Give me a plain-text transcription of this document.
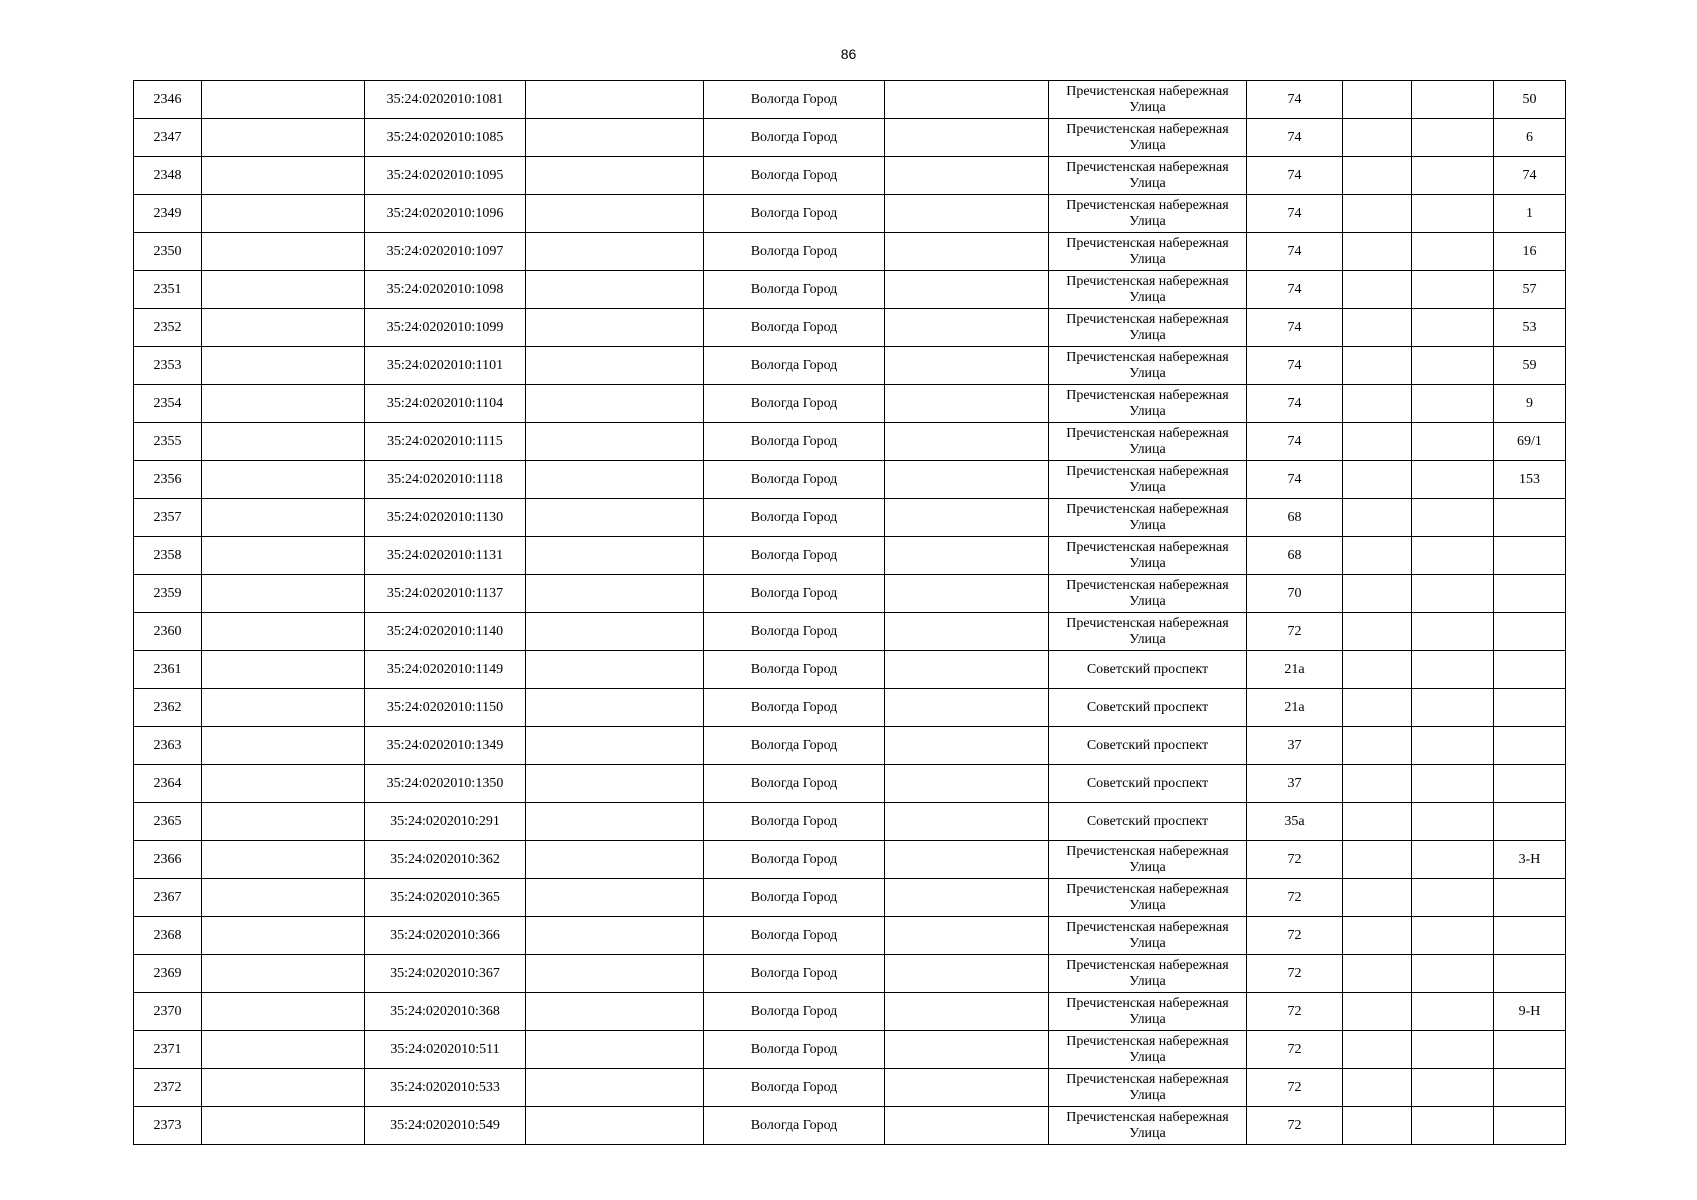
86
2346		35:24:0202010:1081		Вологда Город		Пречистенская набережная
Улица	74			50
2347		35:24:0202010:1085		Вологда Город		Пречистенская набережная
Улица	74			6
2348		35:24:0202010:1095		Вологда Город		Пречистенская набережная
Улица	74			74
2349		35:24:0202010:1096		Вологда Город		Пречистенская набережная
Улица	74			1
2350		35:24:0202010:1097		Вологда Город		Пречистенская набережная
Улица	74			16
2351		35:24:0202010:1098		Вологда Город		Пречистенская набережная
Улица	74			57
2352		35:24:0202010:1099		Вологда Город		Пречистенская набережная
Улица	74			53
2353		35:24:0202010:1101		Вологда Город		Пречистенская набережная
Улица	74			59
2354		35:24:0202010:1104		Вологда Город		Пречистенская набережная
Улица	74			9
2355		35:24:0202010:1115		Вологда Город		Пречистенская набережная
Улица	74			69/1
2356		35:24:0202010:1118		Вологда Город		Пречистенская набережная
Улица	74			153
2357		35:24:0202010:1130		Вологда Город		Пречистенская набережная
Улица	68			
2358		35:24:0202010:1131		Вологда Город		Пречистенская набережная
Улица	68			
2359		35:24:0202010:1137		Вологда Город		Пречистенская набережная
Улица	70			
2360		35:24:0202010:1140		Вологда Город		Пречистенская набережная
Улица	72			
2361		35:24:0202010:1149		Вологда Город		Советский проспект	21а			
2362		35:24:0202010:1150		Вологда Город		Советский проспект	21а			
2363		35:24:0202010:1349		Вологда Город		Советский проспект	37			
2364		35:24:0202010:1350		Вологда Город		Советский проспект	37			
2365		35:24:0202010:291		Вологда Город		Советский проспект	35а			
2366		35:24:0202010:362		Вологда Город		Пречистенская набережная
Улица	72			3-Н
2367		35:24:0202010:365		Вологда Город		Пречистенская набережная
Улица	72			
2368		35:24:0202010:366		Вологда Город		Пречистенская набережная
Улица	72			
2369		35:24:0202010:367		Вологда Город		Пречистенская набережная
Улица	72			
2370		35:24:0202010:368		Вологда Город		Пречистенская набережная
Улица	72			9-Н
2371		35:24:0202010:511		Вологда Город		Пречистенская набережная
Улица	72			
2372		35:24:0202010:533		Вологда Город		Пречистенская набережная
Улица	72			
2373		35:24:0202010:549		Вологда Город		Пречистенская набережная
Улица	72			
